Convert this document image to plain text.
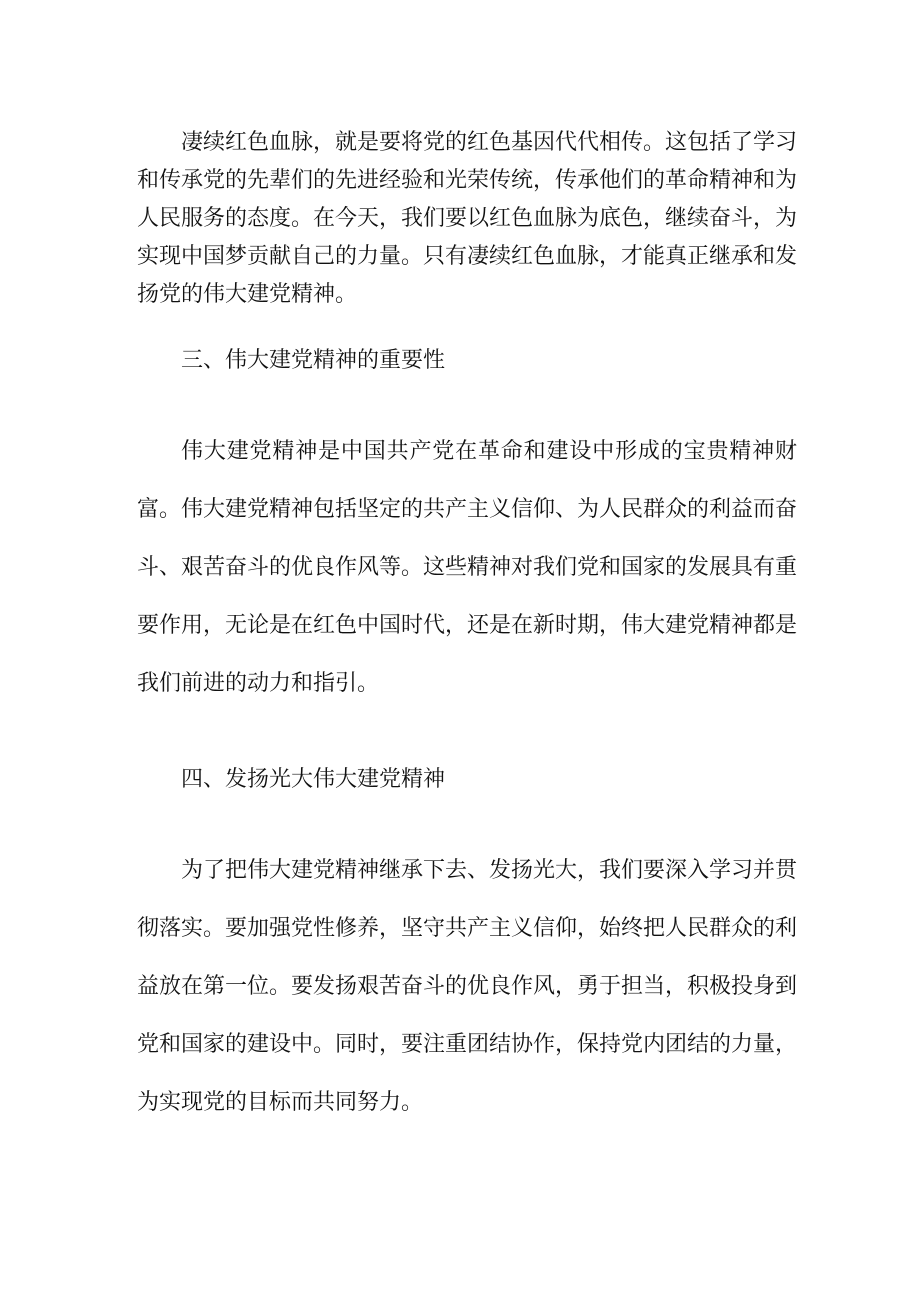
凄续红色血脉，就是要将党的红色基因代代相传。这包括了学习和传承党的先辈们的先进经验和光荣传统，传承他们的革命精神和为人民服务的态度。在今天，我们要以红色血脉为底色，继续奋斗，为实现中国梦贡献自己的力量。只有凄续红色血脉，才能真正继承和发扬党的伟大建党精神。

三、伟大建党精神的重要性

伟大建党精神是中国共产党在革命和建设中形成的宝贵精神财富。伟大建党精神包括坚定的共产主义信仰、为人民群众的利益而奋斗、艰苦奋斗的优良作风等。这些精神对我们党和国家的发展具有重要作用，无论是在红色中国时代，还是在新时期，伟大建党精神都是我们前进的动力和指引。

四、发扬光大伟大建党精神

为了把伟大建党精神继承下去、发扬光大，我们要深入学习并贯彻落实。要加强党性修养，坚守共产主义信仰，始终把人民群众的利益放在第一位。要发扬艰苦奋斗的优良作风，勇于担当，积极投身到党和国家的建设中。同时，要注重团结协作，保持党内团结的力量，为实现党的目标而共同努力。
